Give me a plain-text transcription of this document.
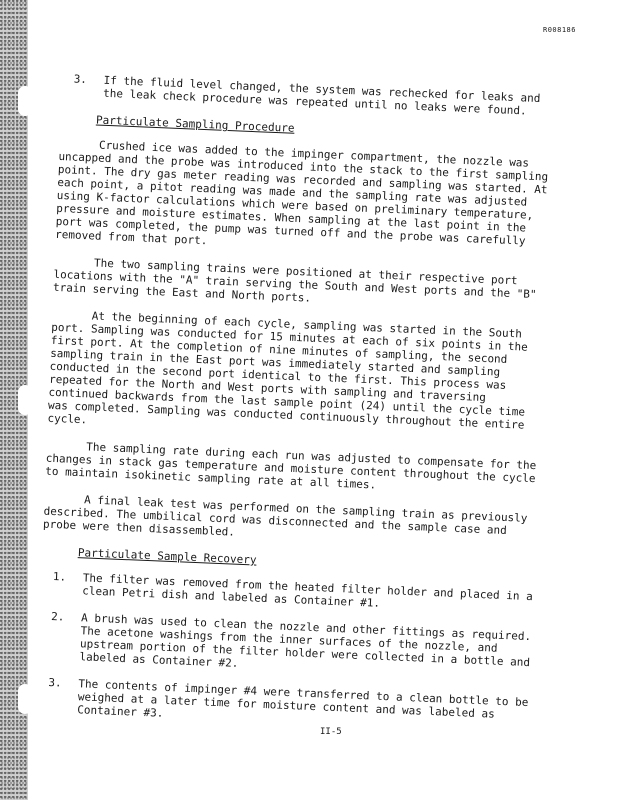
R008186
3.	If the fluid level changed, the system was rechecked for leaks and the leak check procedure was repeated until no leaks were found.

Particulate Sampling Procedure

Crushed ice was added to the impinger compartment, the nozzle was uncapped and the probe was introduced into the stack to the first sampling point. The dry gas meter reading was recorded and sampling was started. At each point, a pitot reading was made and the sampling rate was adjusted using K-factor calculations which were based on preliminary temperature, pressure and moisture estimates. When sampling at the last point in the port was completed, the pump was turned off and the probe was carefully removed from that port.

The two sampling trains were positioned at their respective port locations with the "A" train serving the South and West ports and the "B" train serving the East and North ports.

At the beginning of each cycle, sampling was started in the South port. Sampling was conducted for 15 minutes at each of six points in the first port. At the completion of nine minutes of sampling, the second sampling train in the East port was immediately started and sampling conducted in the second port identical to the first. This process was repeated for the North and West ports with sampling and traversing continued backwards from the last sample point (24) until the cycle time was completed. Sampling was conducted continuously throughout the entire cycle.

The sampling rate during each run was adjusted to compensate for the changes in stack gas temperature and moisture content throughout the cycle to maintain isokinetic sampling rate at all times.

A final leak test was performed on the sampling train as previously described. The umbilical cord was disconnected and the sample case and probe were then disassembled.

Particulate Sample Recovery

1.	The filter was removed from the heated filter holder and placed in a clean Petri dish and labeled as Container #1.

2.	A brush was used to clean the nozzle and other fittings as required. The acetone washings from the inner surfaces of the nozzle, and upstream portion of the filter holder were collected in a bottle and labeled as Container #2.

3.	The contents of impinger #4 were transferred to a clean bottle to be weighed at a later time for moisture content and was labeled as Container #3.

II-5
